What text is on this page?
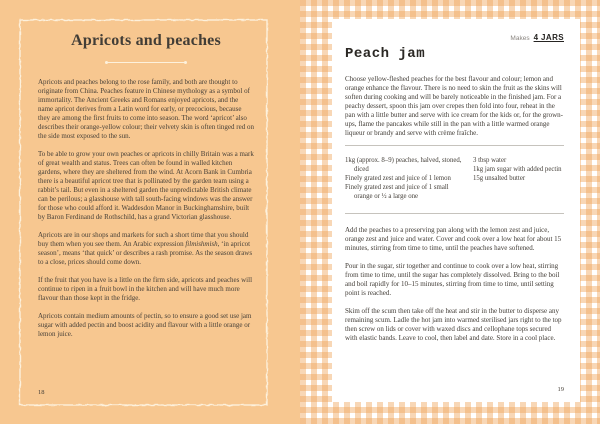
Apricots and peaches

Apricots and peaches belong to the rose family, and both are thought to originate from China. Peaches feature in Chinese mythology as a symbol of immortality. The Ancient Greeks and Romans enjoyed apricots, and the name apricot derives from a Latin word for early, or precocious, because they are among the first fruits to come into season. The word ‘apricot’ also describes their orange-yellow colour; their velvety skin is often tinged red on the side most exposed to the sun.

To be able to grow your own peaches or apricots in chilly Britain was a mark of great wealth and status. Trees can often be found in walled kitchen gardens, where they are sheltered from the wind. At Acorn Bank in Cumbria there is a beautiful apricot tree that is pollinated by the garden team using a rabbit’s tail. But even in a sheltered garden the unpredictable British climate can be perilous; a glasshouse with tall south-facing windows was the answer for those who could afford it. Waddesdon Manor in Buckinghamshire, built by Baron Ferdinand de Rothschild, has a grand Victorian glasshouse.

Apricots are in our shops and markets for such a short time that you should buy them when you see them. An Arabic expression filmishmish, ‘in apricot season’, means ‘that quick’ or describes a rash promise. As the season draws to a close, prices should come down.

If the fruit that you have is a little on the firm side, apricots and peaches will continue to ripen in a fruit bowl in the kitchen and will have much more flavour than those kept in the fridge.

Apricots contain medium amounts of pectin, so to ensure a good set use jam sugar with added pectin and boost acidity and flavour with a little orange or lemon juice.

18
Makes 4 JARS
Peach jam

Choose yellow-fleshed peaches for the best flavour and colour; lemon and orange enhance the flavour. There is no need to skin the fruit as the skins will soften during cooking and will be barely noticeable in the finished jam. For a peachy dessert, spoon this jam over crepes then fold into four, reheat in the pan with a little butter and serve with ice cream for the kids or, for the grown-ups, flame the pancakes while still in the pan with a little warmed orange liqueur or brandy and serve with crème fraîche.

1kg (approx. 8–9) peaches, halved, stoned, diced
Finely grated zest and juice of 1 lemon
Finely grated zest and juice of 1 small orange or ½ a large one
3 tbsp water
1kg jam sugar with added pectin
15g unsalted butter

Add the peaches to a preserving pan along with the lemon zest and juice, orange zest and juice and water. Cover and cook over a low heat for about 15 minutes, stirring from time to time, until the peaches have softened.

Pour in the sugar, stir together and continue to cook over a low heat, stirring from time to time, until the sugar has completely dissolved. Bring to the boil and boil rapidly for 10–15 minutes, stirring from time to time, until setting point is reached.

Skim off the scum then take off the heat and stir in the butter to disperse any remaining scum. Ladle the hot jam into warmed sterilised jars right to the top then screw on lids or cover with waxed discs and cellophane tops secured with elastic bands. Leave to cool, then label and date. Store in a cool place.

19
